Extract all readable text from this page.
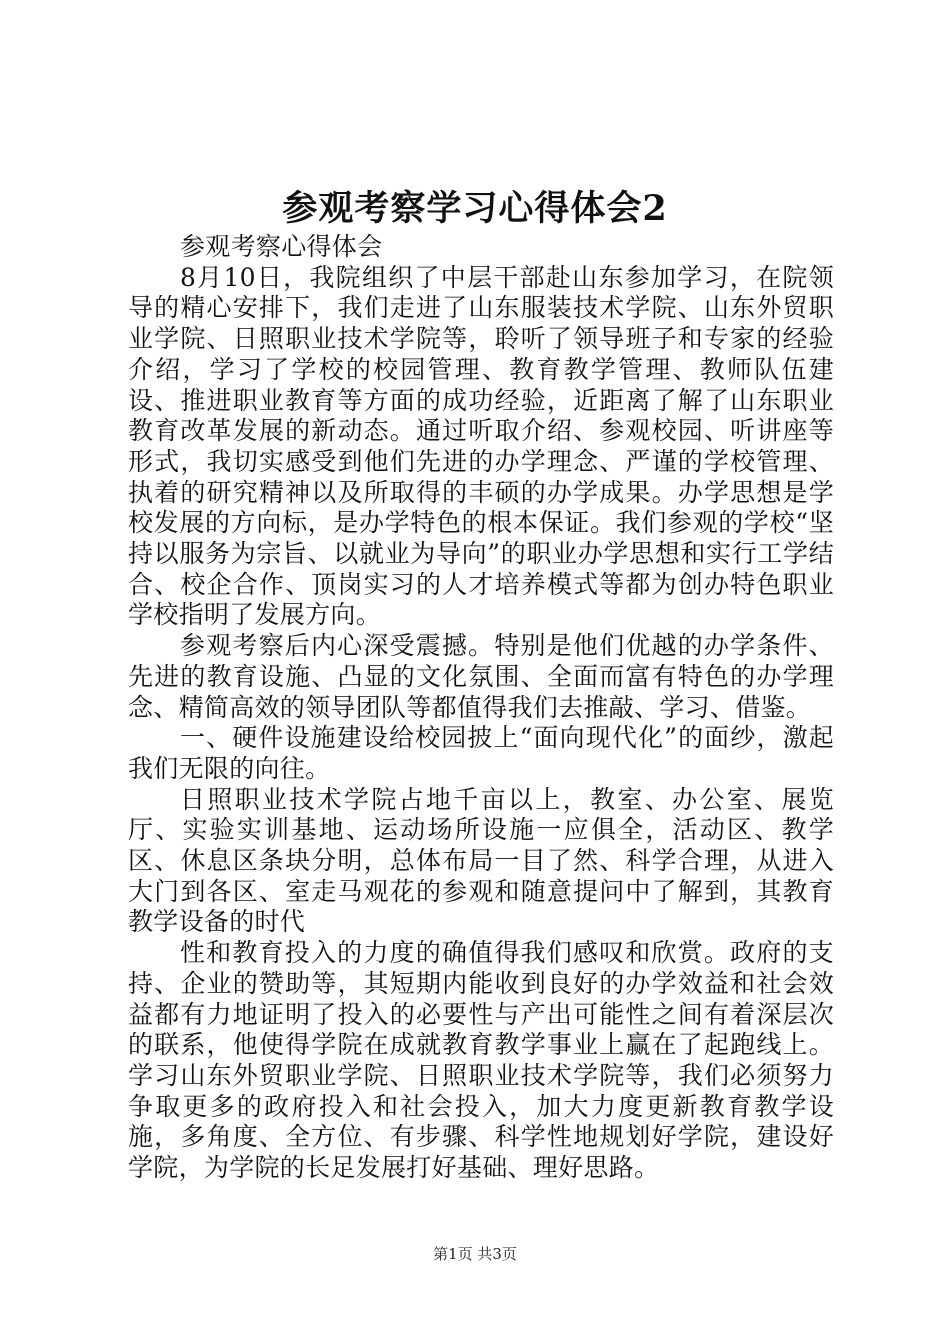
参观考察学习心得体会2

参观考察心得体会

8月10日，我院组织了中层干部赴山东参加学习，在院领导的精心安排下，我们走进了山东服装技术学院、山东外贸职业学院、日照职业技术学院等，聆听了领导班子和专家的经验介绍，学习了学校的校园管理、教育教学管理、教师队伍建设、推进职业教育等方面的成功经验，近距离了解了山东职业教育改革发展的新动态。通过听取介绍、参观校园、听讲座等形式，我切实感受到他们先进的办学理念、严谨的学校管理、执着的研究精神以及所取得的丰硕的办学成果。办学思想是学校发展的方向标，是办学特色的根本保证。我们参观的学校“坚持以服务为宗旨、以就业为导向”的职业办学思想和实行工学结合、校企合作、顶岗实习的人才培养模式等都为创办特色职业学校指明了发展方向。

参观考察后内心深受震撼。特别是他们优越的办学条件、先进的教育设施、凸显的文化氛围、全面而富有特色的办学理念、精简高效的领导团队等都值得我们去推敲、学习、借鉴。

一、硬件设施建设给校园披上“面向现代化”的面纱，激起我们无限的向往。

日照职业技术学院占地千亩以上，教室、办公室、展览厅、实验实训基地、运动场所设施一应俱全，活动区、教学区、休息区条块分明，总体布局一目了然、科学合理，从进入大门到各区、室走马观花的参观和随意提问中了解到，其教育教学设备的时代

性和教育投入的力度的确值得我们感叹和欣赏。政府的支持、企业的赞助等，其短期内能收到良好的办学效益和社会效益都有力地证明了投入的必要性与产出可能性之间有着深层次的联系，他使得学院在成就教育教学事业上赢在了起跑线上。学习山东外贸职业学院、日照职业技术学院等，我们必须努力争取更多的政府投入和社会投入，加大力度更新教育教学设施，多角度、全方位、有步骤、科学性地规划好学院，建设好学院，为学院的长足发展打好基础、理好思路。

第1页 共3页
